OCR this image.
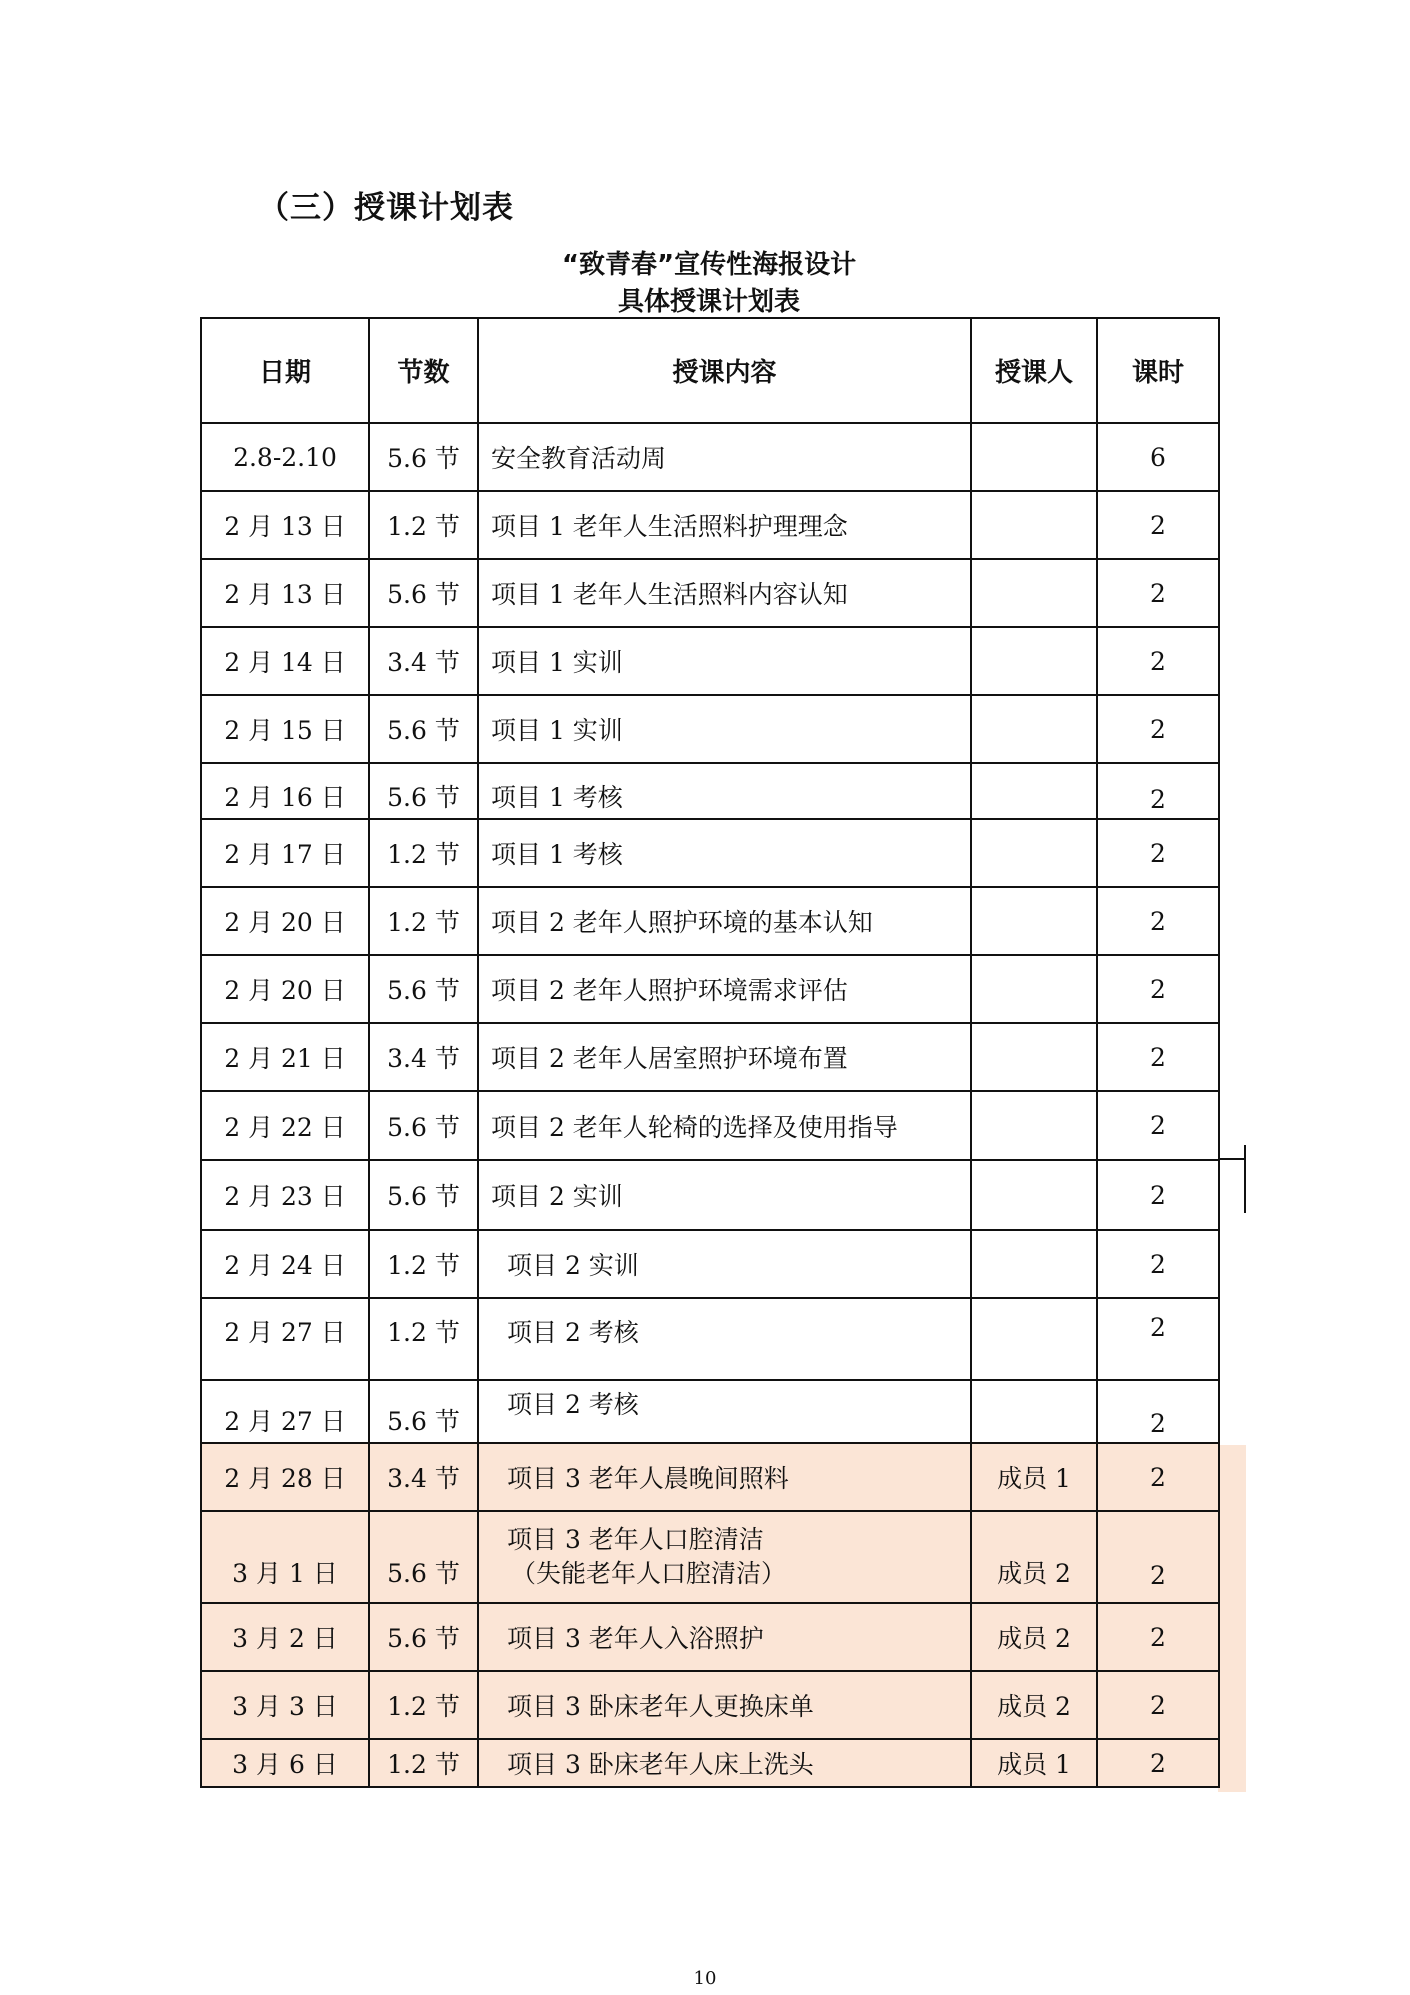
（三）授课计划表
“致青春”宣传性海报设计
具体授课计划表
日期	节数	授课内容	授课人	课时
2.8-2.10	5.6 节	安全教育活动周		6
2 月 13 日	1.2 节	项目 1 老年人生活照料护理理念		2
2 月 13 日	5.6 节	项目 1 老年人生活照料内容认知		2
2 月 14 日	3.4 节	项目 1 实训		2
2 月 15 日	5.6 节	项目 1 实训		2
2 月 16 日	5.6 节	项目 1 考核		2
2 月 17 日	1.2 节	项目 1 考核		2
2 月 20 日	1.2 节	项目 2 老年人照护环境的基本认知		2
2 月 20 日	5.6 节	项目 2 老年人照护环境需求评估		2
2 月 21 日	3.4 节	项目 2 老年人居室照护环境布置		2
2 月 22 日	5.6 节	项目 2 老年人轮椅的选择及使用指导		2
2 月 23 日	5.6 节	项目 2 实训		2
2 月 24 日	1.2 节	项目 2 实训		2
2 月 27 日	1.2 节	项目 2 考核		2
2 月 27 日	5.6 节	项目 2 考核		2
2 月 28 日	3.4 节	项目 3 老年人晨晚间照料	成员 1	2
3 月 1 日	5.6 节	项目 3 老年人口腔清洁
（失能老年人口腔清洁）	成员 2	2
3 月 2 日	5.6 节	项目 3 老年人入浴照护	成员 2	2
3 月 3 日	1.2 节	项目 3 卧床老年人更换床单	成员 2	2
3 月 6 日	1.2 节	项目 3 卧床老年人床上洗头	成员 1	2
10
